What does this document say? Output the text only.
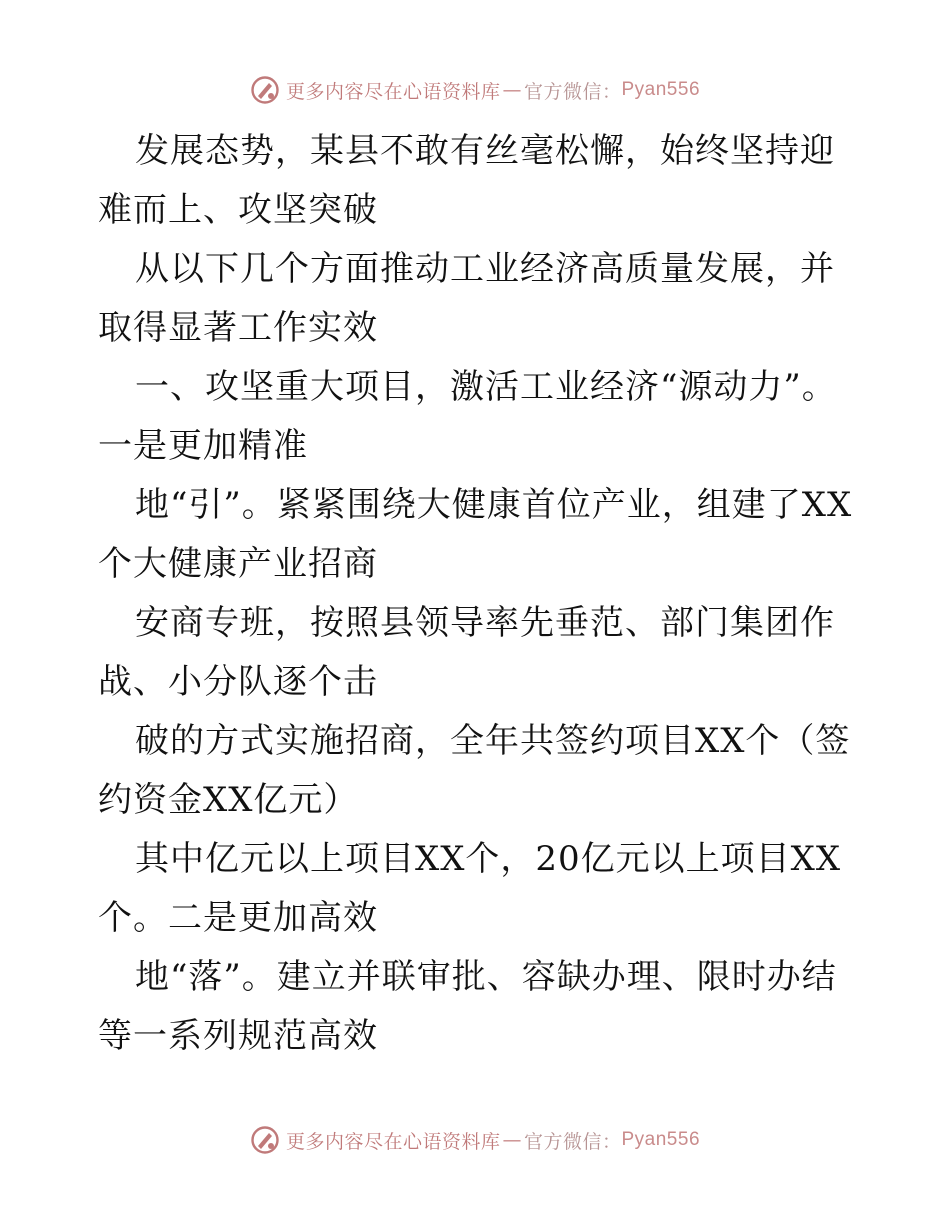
更多内容尽在心语资料库 — 官方微信： Pyan556

发展态势，某县不敢有丝毫松懈，始终坚持迎难而上、攻坚突破

从以下几个方面推动工业经济高质量发展，并取得显著工作实效

一、攻坚重大项目，激活工业经济“源动力”。一是更加精准

地“引”。紧紧围绕大健康首位产业，组建了XX个大健康产业招商

安商专班，按照县领导率先垂范、部门集团作战、小分队逐个击

破的方式实施招商，全年共签约项目XX个（签约资金XX亿元）

其中亿元以上项目XX个，20亿元以上项目XX个。二是更加高效

地“落”。建立并联审批、容缺办理、限时办结等一系列规范高效

更多内容尽在心语资料库 — 官方微信： Pyan556
